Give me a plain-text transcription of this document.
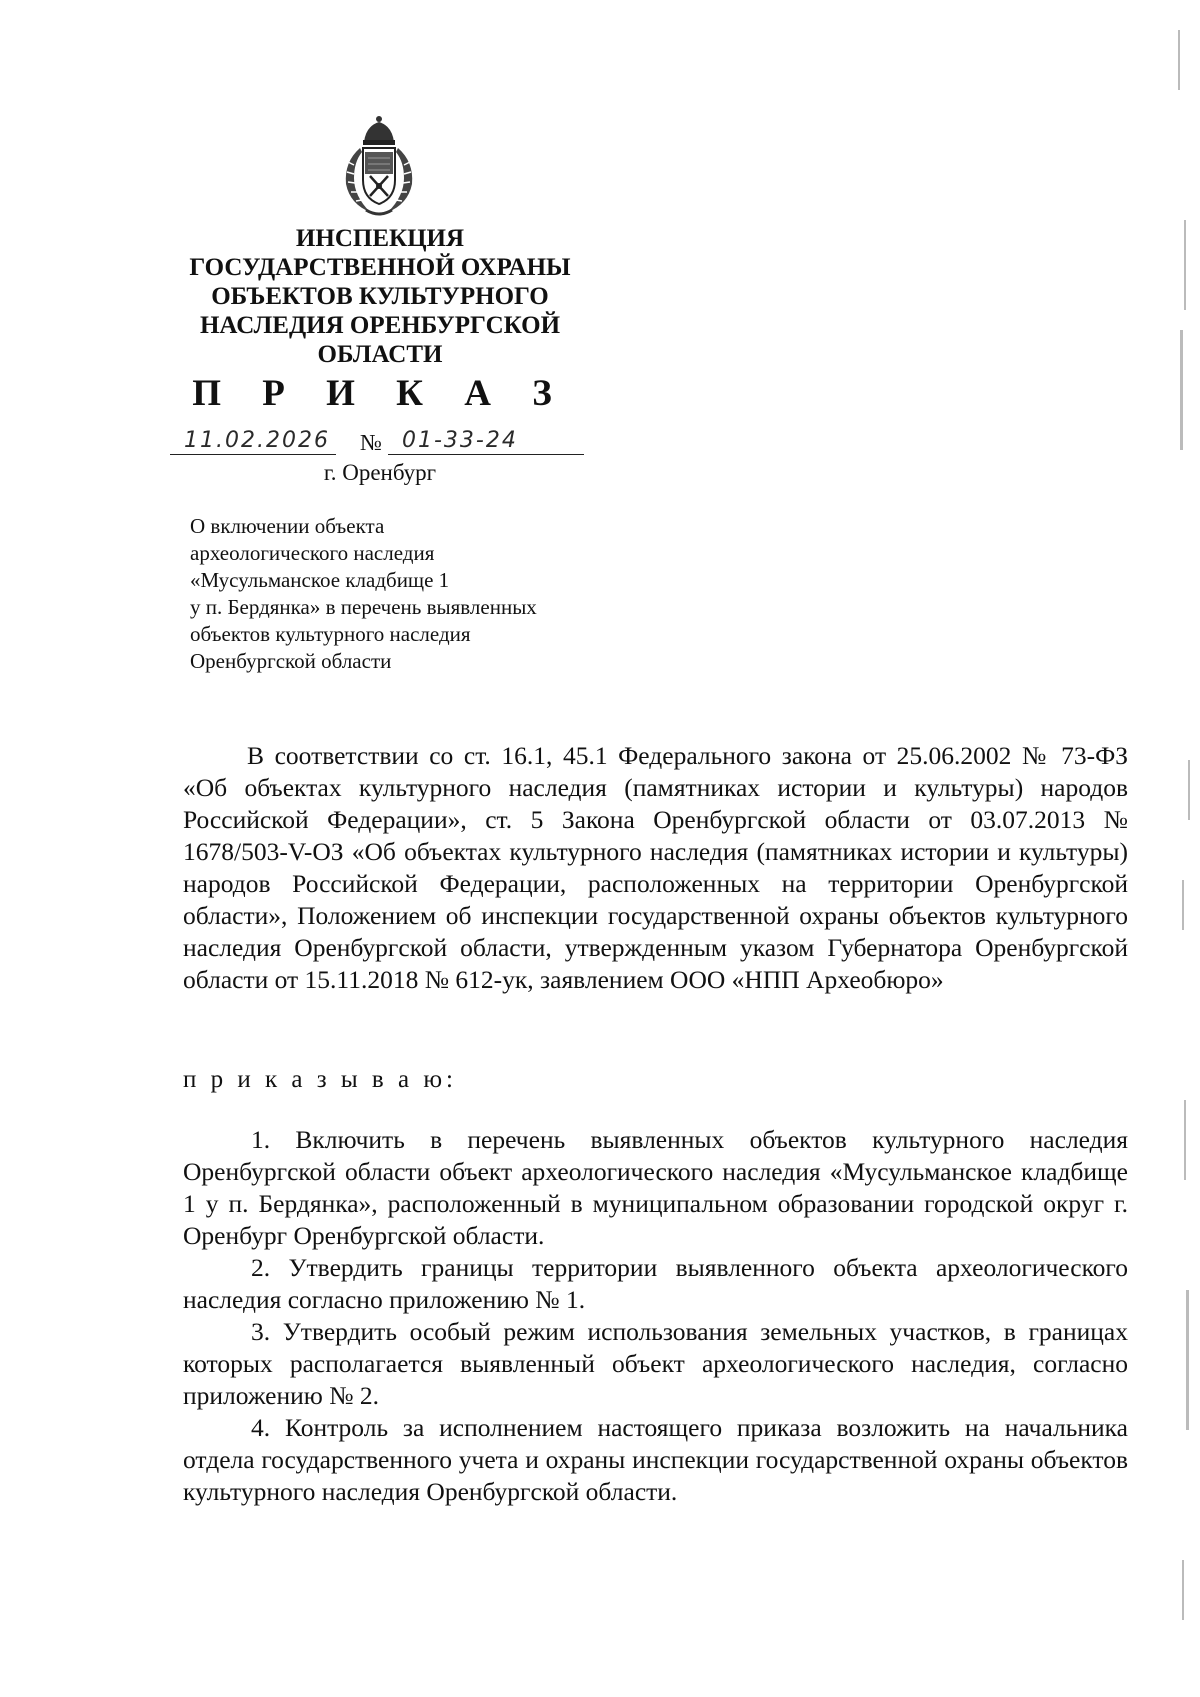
ИНСПЕКЦИЯ
ГОСУДАРСТВЕННОЙ ОХРАНЫ
ОБЪЕКТОВ КУЛЬТУРНОГО
НАСЛЕДИЯ ОРЕНБУРГСКОЙ
ОБЛАСТИ
П Р И К А З
11.02.2026 № 01-33-24
г. Оренбург
О включении объекта
археологического наследия
«Мусульманское кладбище 1
у п. Бердянка» в перечень выявленных
объектов культурного наследия
Оренбургской области
В соответствии со ст. 16.1, 45.1 Федерального закона от 25.06.2002 № 73-ФЗ «Об объектах культурного наследия (памятниках истории и культуры) народов Российской Федерации», ст. 5 Закона Оренбургской области от 03.07.2013 № 1678/503-V-ОЗ «Об объектах культурного наследия (памятниках истории и культуры) народов Российской Федерации, расположенных на территории Оренбургской области», Положением об инспекции государственной охраны объектов культурного наследия Оренбургской области, утвержденным указом Губернатора Оренбургской области от 15.11.2018 № 612-ук, заявлением ООО «НПП Археобюро»
п р и к а з ы в а ю:

1. Включить в перечень выявленных объектов культурного наследия Оренбургской области объект археологического наследия «Мусульманское кладбище 1 у п. Бердянка», расположенный в муниципальном образовании городской округ г. Оренбург Оренбургской области.

2. Утвердить границы территории выявленного объекта археологического наследия согласно приложению № 1.

3. Утвердить особый режим использования земельных участков, в границах которых располагается выявленный объект археологического наследия, согласно приложению № 2.

4. Контроль за исполнением настоящего приказа возложить на начальника отдела государственного учета и охраны инспекции государственной охраны объектов культурного наследия Оренбургской области.
